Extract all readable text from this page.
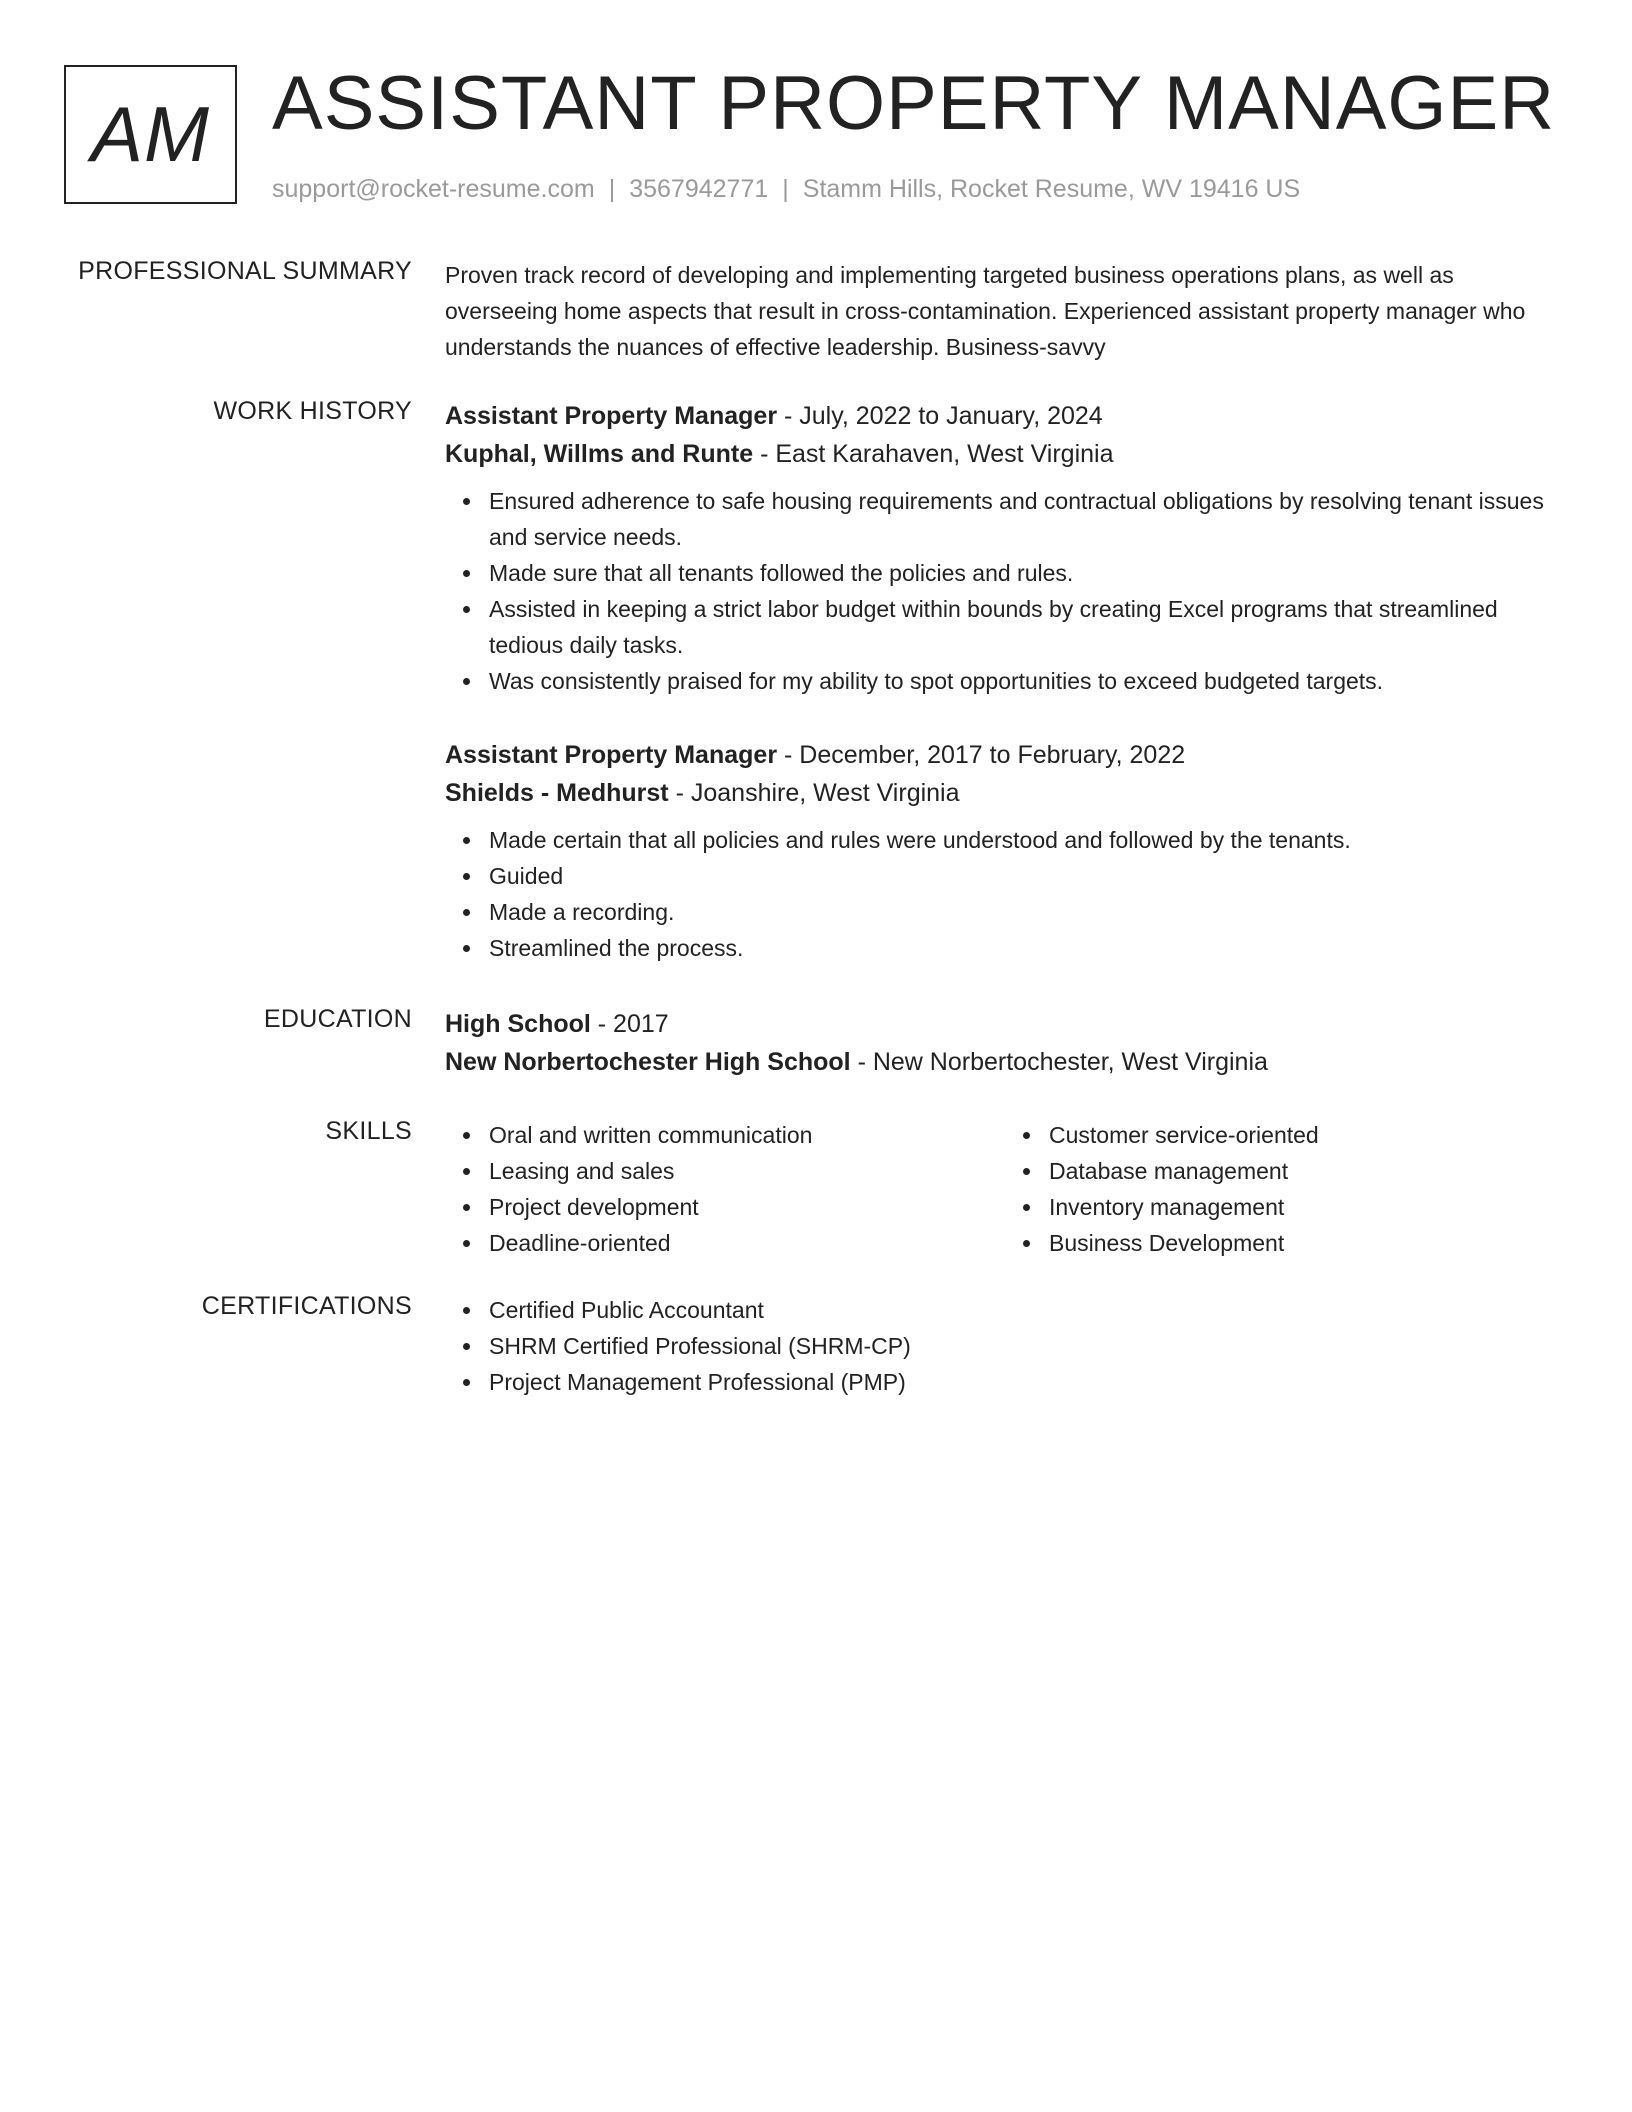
AM ASSISTANT PROPERTY MANAGER
support@rocket-resume.com | 3567942771 | Stamm Hills, Rocket Resume, WV 19416 US
PROFESSIONAL SUMMARY Proven track record of developing and implementing targeted business operations plans, as well as overseeing home aspects that result in cross-contamination. Experienced assistant property manager who understands the nuances of effective leadership. Business-savvy

WORK HISTORY Assistant Property Manager - July, 2022 to January, 2024

Kuphal, Willms and Runte - East Karahaven, West Virginia

Ensured adherence to safe housing requirements and contractual obligations by resolving tenant issues and service needs.
Made sure that all tenants followed the policies and rules.
Assisted in keeping a strict labor budget within bounds by creating Excel programs that streamlined tedious daily tasks.
Was consistently praised for my ability to spot opportunities to exceed budgeted targets.

Assistant Property Manager - December, 2017 to February, 2022

Shields - Medhurst - Joanshire, West Virginia

Made certain that all policies and rules were understood and followed by the tenants.
Guided
Made a recording.
Streamlined the process.
EDUCATION High School - 2017

New Norbertochester High School - New Norbertochester, West Virginia

SKILLS	Oral and written communication
Leasing and sales
Project development
Deadline-oriented
Customer service-oriented
Database management
Inventory management
Business Development
CERTIFICATIONS	Certified Public Accountant
SHRM Certified Professional (SHRM-CP)
Project Management Professional (PMP)
